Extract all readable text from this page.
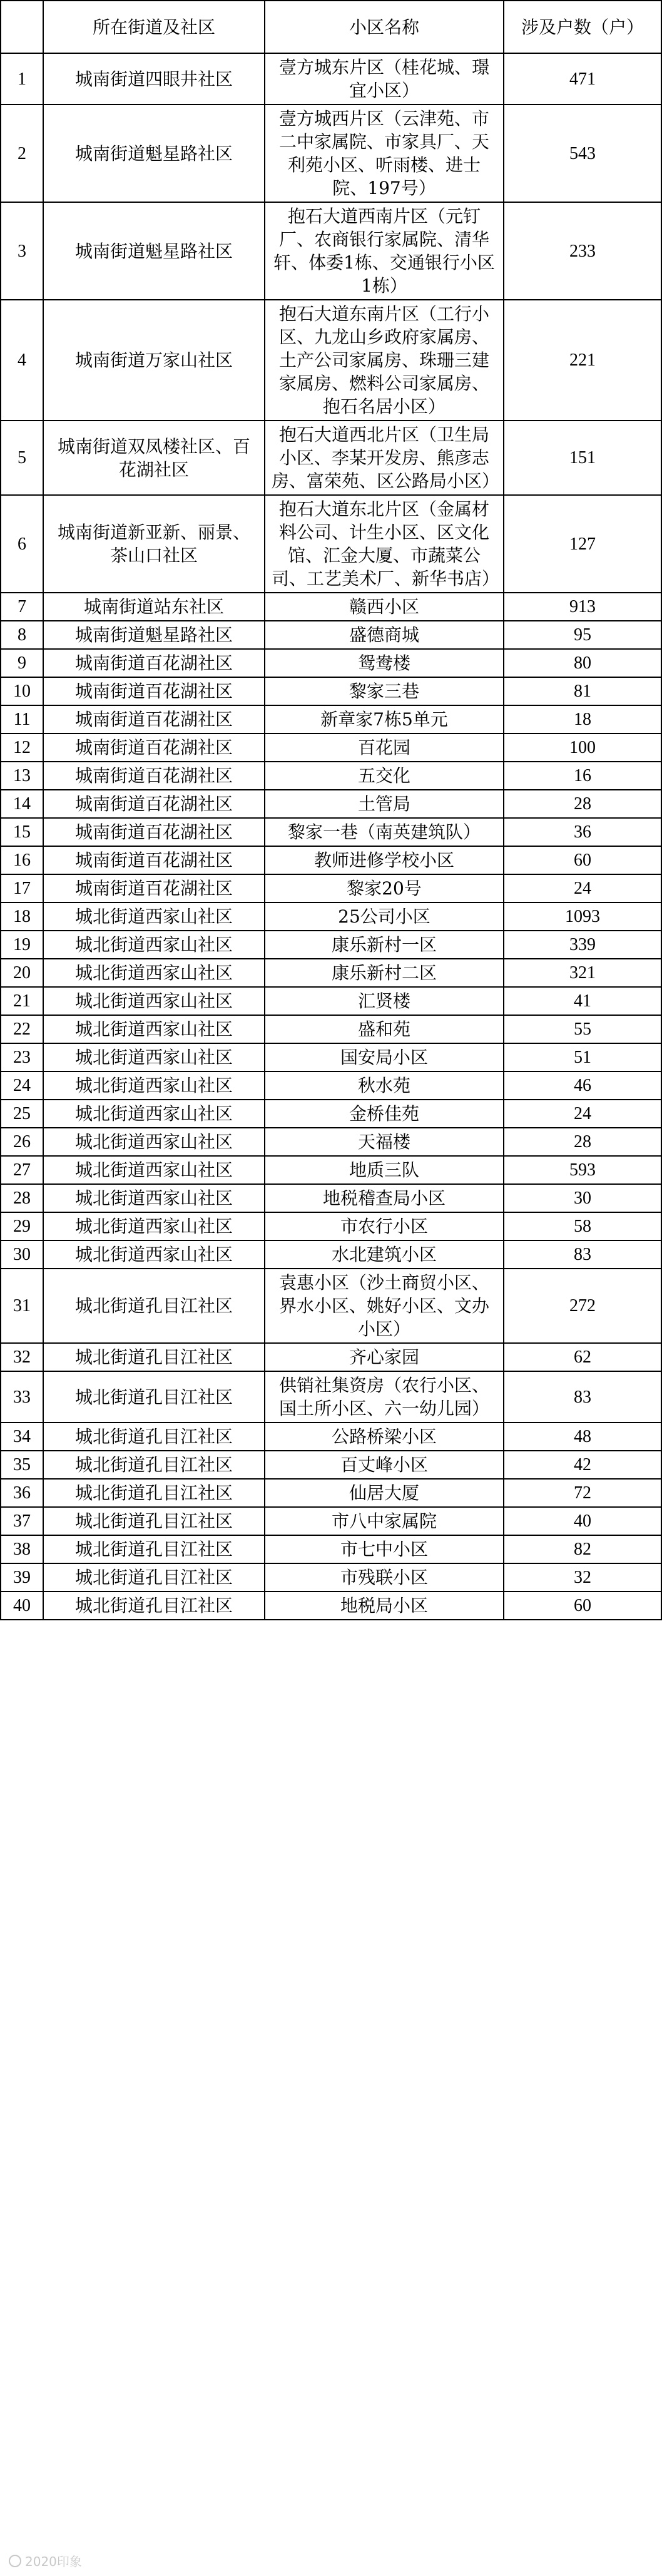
	所在街道及社区	小区名称	涉及户数（户）
1	城南街道四眼井社区	壹方城东片区（桂花城、璟宜小区）	471
2	城南街道魁星路社区	壹方城西片区（云津苑、市二中家属院、市家具厂、天利苑小区、听雨楼、进士院、197号）	543
3	城南街道魁星路社区	抱石大道西南片区（元钉厂、农商银行家属院、清华轩、体委1栋、交通银行小区1栋）	233
4	城南街道万家山社区	抱石大道东南片区（工行小区、九龙山乡政府家属房、土产公司家属房、珠珊三建家属房、燃料公司家属房、抱石名居小区）	221
5	城南街道双凤楼社区、百花湖社区	抱石大道西北片区（卫生局小区、李某开发房、熊彦志房、富荣苑、区公路局小区）	151
6	城南街道新亚新、丽景、茶山口社区	抱石大道东北片区（金属材料公司、计生小区、区文化馆、汇金大厦、市蔬菜公司、工艺美术厂、新华书店）	127
7	城南街道站东社区	赣西小区	913
8	城南街道魁星路社区	盛德商城	95
9	城南街道百花湖社区	鸳鸯楼	80
10	城南街道百花湖社区	黎家三巷	81
11	城南街道百花湖社区	新章家7栋5单元	18
12	城南街道百花湖社区	百花园	100
13	城南街道百花湖社区	五交化	16
14	城南街道百花湖社区	土管局	28
15	城南街道百花湖社区	黎家一巷（南英建筑队）	36
16	城南街道百花湖社区	教师进修学校小区	60
17	城南街道百花湖社区	黎家20号	24
18	城北街道西家山社区	25公司小区	1093
19	城北街道西家山社区	康乐新村一区	339
20	城北街道西家山社区	康乐新村二区	321
21	城北街道西家山社区	汇贤楼	41
22	城北街道西家山社区	盛和苑	55
23	城北街道西家山社区	国安局小区	51
24	城北街道西家山社区	秋水苑	46
25	城北街道西家山社区	金桥佳苑	24
26	城北街道西家山社区	天福楼	28
27	城北街道西家山社区	地质三队	593
28	城北街道西家山社区	地税稽查局小区	30
29	城北街道西家山社区	市农行小区	58
30	城北街道西家山社区	水北建筑小区	83
31	城北街道孔目江社区	袁惠小区（沙土商贸小区、界水小区、姚好小区、文办小区）	272
32	城北街道孔目江社区	齐心家园	62
33	城北街道孔目江社区	供销社集资房（农行小区、国土所小区、六一幼儿园）	83
34	城北街道孔目江社区	公路桥梁小区	48
35	城北街道孔目江社区	百丈峰小区	42
36	城北街道孔目江社区	仙居大厦	72
37	城北街道孔目江社区	市八中家属院	40
38	城北街道孔目江社区	市七中小区	82
39	城北街道孔目江社区	市残联小区	32
40	城北街道孔目江社区	地税局小区	60
2020印象
